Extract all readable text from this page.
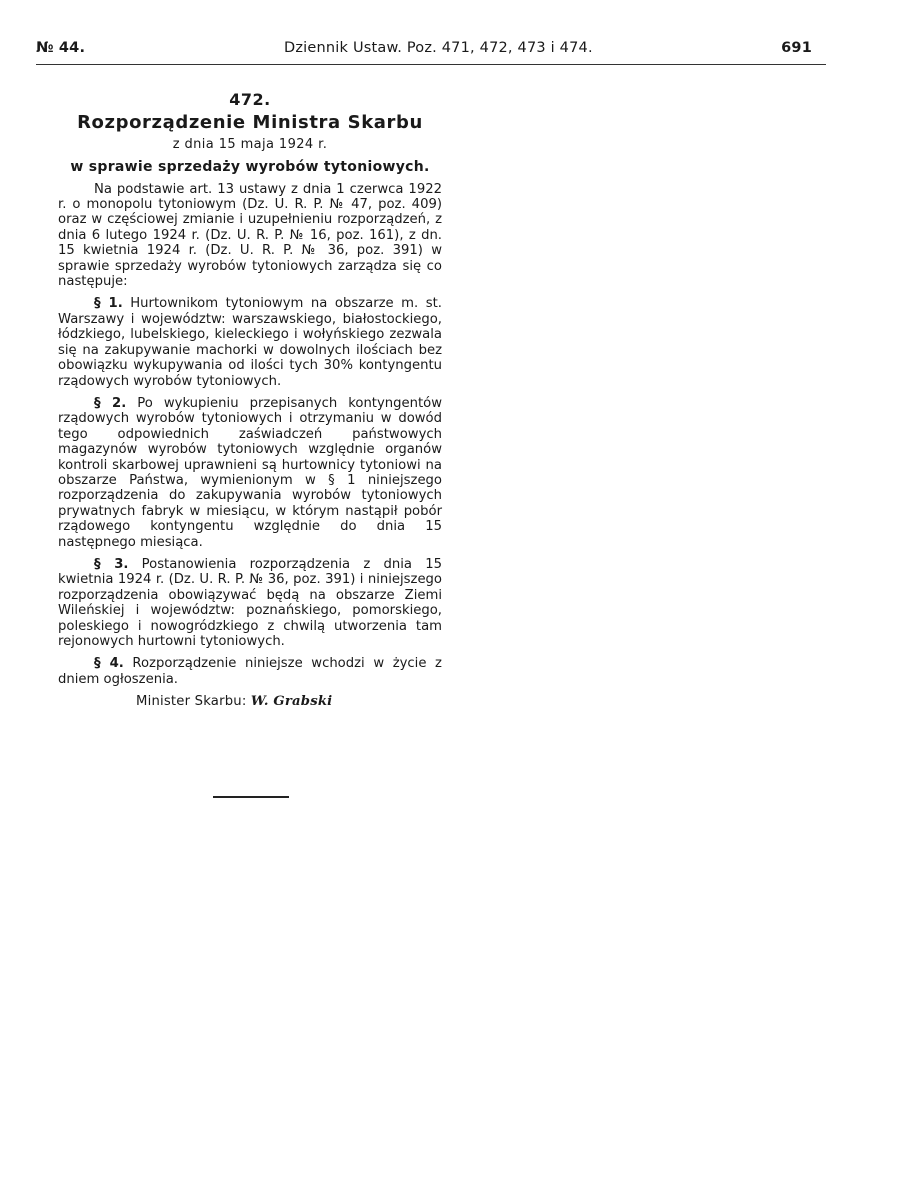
№ 44.	Dziennik Ustaw. Poz. 471, 472, 473 i 474.	691
472.
Rozporządzenie Ministra Skarbu
z dnia 15 maja 1924 r.
w sprawie sprzedaży wyrobów tytoniowych.

Na podstawie art. 13 ustawy z dnia 1 czerwca 1922 r. o monopolu tytoniowym (Dz. U. R. P. № 47, poz. 409) oraz w częściowej zmianie i uzupełnieniu rozporządzeń, z dnia 6 lutego 1924 r. (Dz. U. R. P. № 16, poz. 161), z dn. 15 kwietnia 1924 r. (Dz. U. R. P. № 36, poz. 391) w sprawie sprzedaży wyrobów tytoniowych zarządza się co następuje:

§ 1. Hurtownikom tytoniowym na obszarze m. st. Warszawy i województw: warszawskiego, białostockiego, łódzkiego, lubelskiego, kieleckiego i wołyńskiego zezwala się na zakupywanie machorki w dowolnych ilościach bez obowiązku wykupywania od ilości tych 30% kontyngentu rządowych wyrobów tytoniowych.

§ 2. Po wykupieniu przepisanych kontyngentów rządowych wyrobów tytoniowych i otrzymaniu w dowód tego odpowiednich zaświadczeń państwowych magazynów wyrobów tytoniowych względnie organów kontroli skarbowej uprawnieni są hurtownicy tytoniowi na obszarze Państwa, wymienionym w § 1 niniejszego rozporządzenia do zakupywania wyrobów tytoniowych prywatnych fabryk w miesiącu, w którym nastąpił pobór rządowego kontyngentu względnie do dnia 15 następnego miesiąca.

§ 3. Postanowienia rozporządzenia z dnia 15 kwietnia 1924 r. (Dz. U. R. P. № 36, poz. 391) i niniejszego rozporządzenia obowiązywać będą na obszarze Ziemi Wileńskiej i województw: poznańskiego, pomorskiego, poleskiego i nowogródzkiego z chwilą utworzenia tam rejonowych hurtowni tytoniowych.

§ 4. Rozporządzenie niniejsze wchodzi w życie z dniem ogłoszenia.

Minister Skarbu: W. Grabski
